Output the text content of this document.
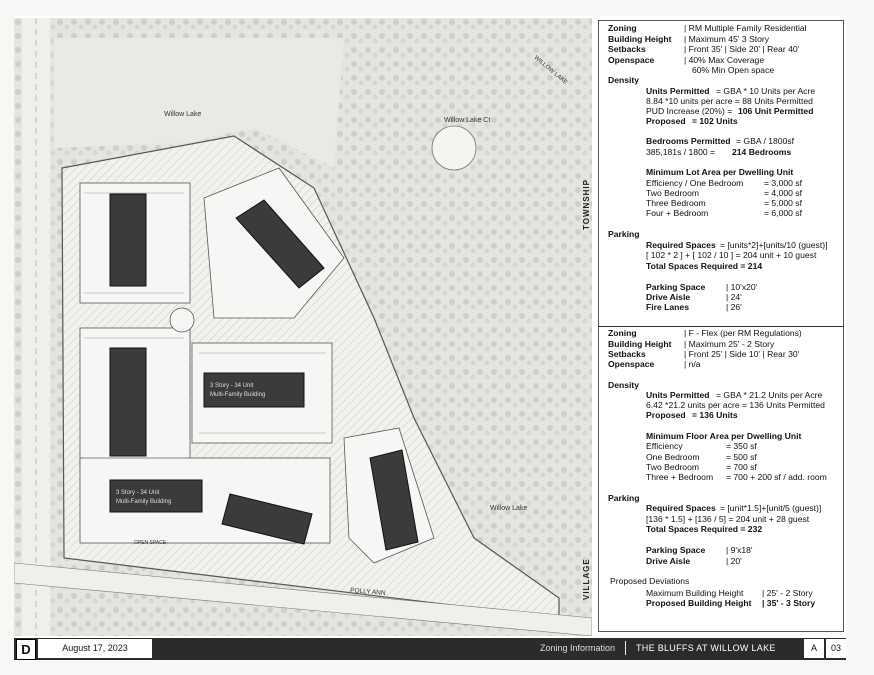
Willow Lake
Willow Lake Ct
WILLOW LAKE
Willow Lake
POLLY ANN
OPEN SPACE
3 Story - 34 Unit
Multi-Family Building
3 Story - 34 Unit
Multi-Family Building
TOWNSHIP
VILLAGE
Zoning	| RM Multiple Family Residential
Building Height | Maximum 45' 3 Story
Setbacks	| Front 35' | Side 20' | Rear 40'
Openspace	| 40% Max Coverage
60% Min Open space
Density
Units Permitted = GBA * 10 Units per Acre
8.84 *10 units per acre = 88 Units Permitted
PUD Increase (20%) = 106 Unit Permitted
Proposed = 102 Units
Bedrooms Permitted = GBA / 1800sf
385,181s / 1800 = 214 Bedrooms
Minimum Lot Area per Dwelling Unit
Efficiency / One Bedroom = 3,000 sf
Two Bedroom	= 4,000 sf
Three Bedroom	= 5,000 sf
Four + Bedroom	= 6,000 sf
Parking
Required Spaces = [units*2]+[units/10 (guest)]
[ 102 * 2 ] + [ 102 / 10 ] = 204 unit + 10 guest
Total Spaces Required = 214
Parking Space | 10'x20'
Drive Aisle	| 24'
Fire Lanes	| 26'
Zoning	| F - Flex (per RM Regulations)
Building Height | Maximum 25' - 2 Story
Setbacks	| Front 25' | Side 10' | Rear 30'
Openspace	| n/a
Density
Units Permitted = GBA * 21.2 Units per Acre
6.42 *21.2 units per acre = 136 Units Permitted
Proposed = 136 Units
Minimum Floor Area per Dwelling Unit
Efficiency	= 350 sf
One Bedroom	= 500 sf
Two Bedroom	= 700 sf
Three + Bedroom = 700 + 200 sf / add. room
Parking
Required Spaces = [unit*1.5]+[unit/5 (guest)]
[136 * 1.5] + [136 / 5] = 204 unit + 28 guest
Total Spaces Required = 232
Parking Space | 9'x18'
Drive Aisle	| 20'
Proposed Deviations
Maximum Building Height | 25' - 2 Story
Proposed Building Height | 35' - 3 Story
D	August 17, 2023	Zoning Information THE BLUFFS AT WILLOW LAKE	A	03
